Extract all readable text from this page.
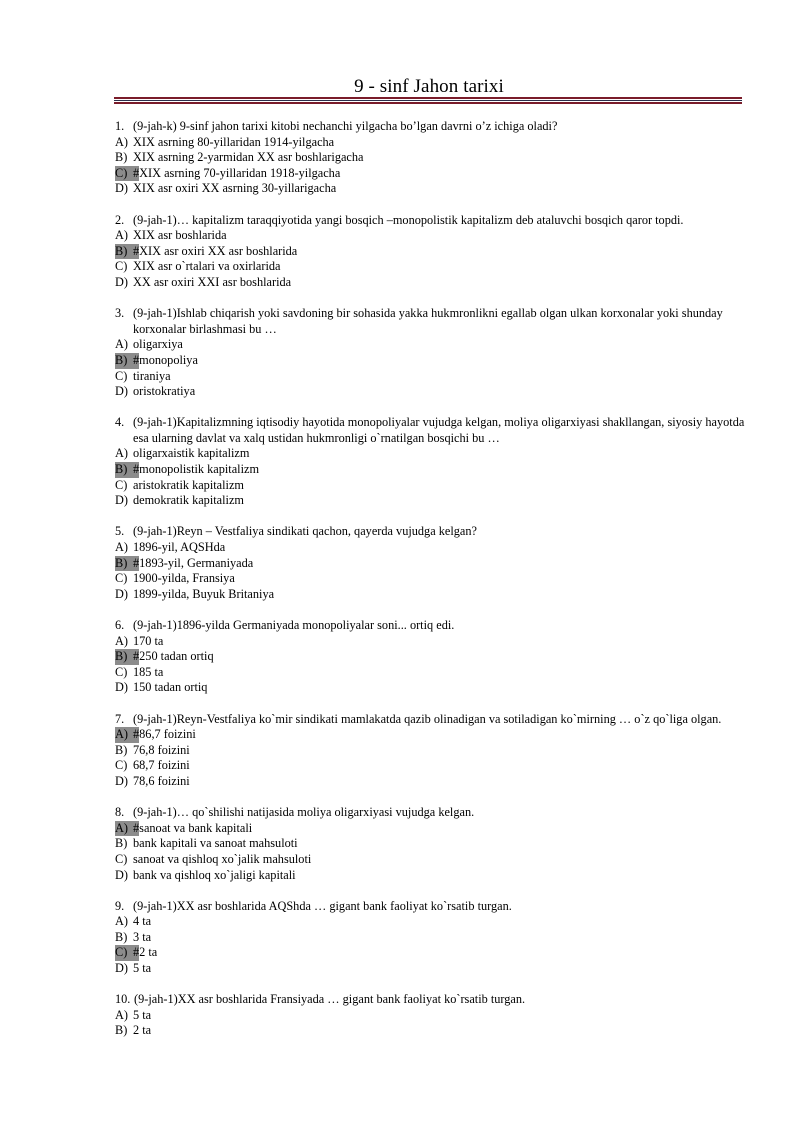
9 - sinf Jahon tarixi
1. (9-jah-k) 9-sinf jahon tarixi kitobi nechanchi yilgacha bo’lgan davrni o’z ichiga oladi?
A) XIX asrning 80-yillaridan 1914-yilgacha
B) XIX asrning 2-yarmidan XX asr boshlarigacha
C) # XIX asrning 70-yillaridan 1918-yilgacha
D) XIX asr oxiri XX asrning 30-yillarigacha
2. (9-jah-1)… kapitalizm taraqqiyotida yangi bosqich –monopolistik kapitalizm deb ataluvchi bosqich qaror topdi.
A) XIX asr boshlarida
B) # XIX asr oxiri XX asr boshlarida
C) XIX asr o`rtalari va oxirlarida
D) XX asr oxiri XXI asr boshlarida
3. (9-jah-1)Ishlab chiqarish yoki savdoning bir sohasida yakka hukmronlikni egallab olgan ulkan korxonalar yoki shunday korxonalar birlashmasi bu …
A) oligarxiya
B) # monopoliya
C) tiraniya
D) oristokratiya
4. (9-jah-1)Kapitalizmning iqtisodiy hayotida monopoliyalar vujudga kelgan, moliya oligarxiyasi shakllangan, siyosiy hayotda esa ularning davlat va xalq ustidan hukmronligi o`rnatilgan bosqichi bu …
A) oligarxaistik kapitalizm
B) # monopolistik kapitalizm
C) aristokratik kapitalizm
D) demokratik kapitalizm
5. (9-jah-1)Reyn – Vestfaliya sindikati qachon, qayerda vujudga kelgan?
A) 1896-yil, AQSHda
B) # 1893-yil, Germaniyada
C) 1900-yilda, Fransiya
D) 1899-yilda, Buyuk Britaniya
6. (9-jah-1)1896-yilda Germaniyada monopoliyalar soni... ortiq edi.
A) 170 ta
B) # 250 tadan ortiq
C) 185 ta
D) 150 tadan ortiq
7. (9-jah-1)Reyn-Vestfaliya ko`mir sindikati mamlakatda qazib olinadigan va sotiladigan ko`mirning … o`z qo`liga olgan.
A) # 86,7 foizini
B) 76,8 foizini
C) 68,7 foizini
D) 78,6 foizini
8. (9-jah-1)… qo`shilishi natijasida moliya oligarxiyasi vujudga kelgan.
A) # sanoat va bank kapitali
B) bank kapitali va sanoat mahsuloti
C) sanoat va qishloq xo`jalik mahsuloti
D) bank va qishloq xo`jaligi kapitali
9. (9-jah-1)XX asr boshlarida AQShda … gigant bank faoliyat ko`rsatib turgan.
A) 4 ta
B) 3 ta
C) # 2 ta
D) 5 ta
10. (9-jah-1)XX asr boshlarida Fransiyada … gigant bank faoliyat ko`rsatib turgan.
A) 5 ta
B) 2 ta
